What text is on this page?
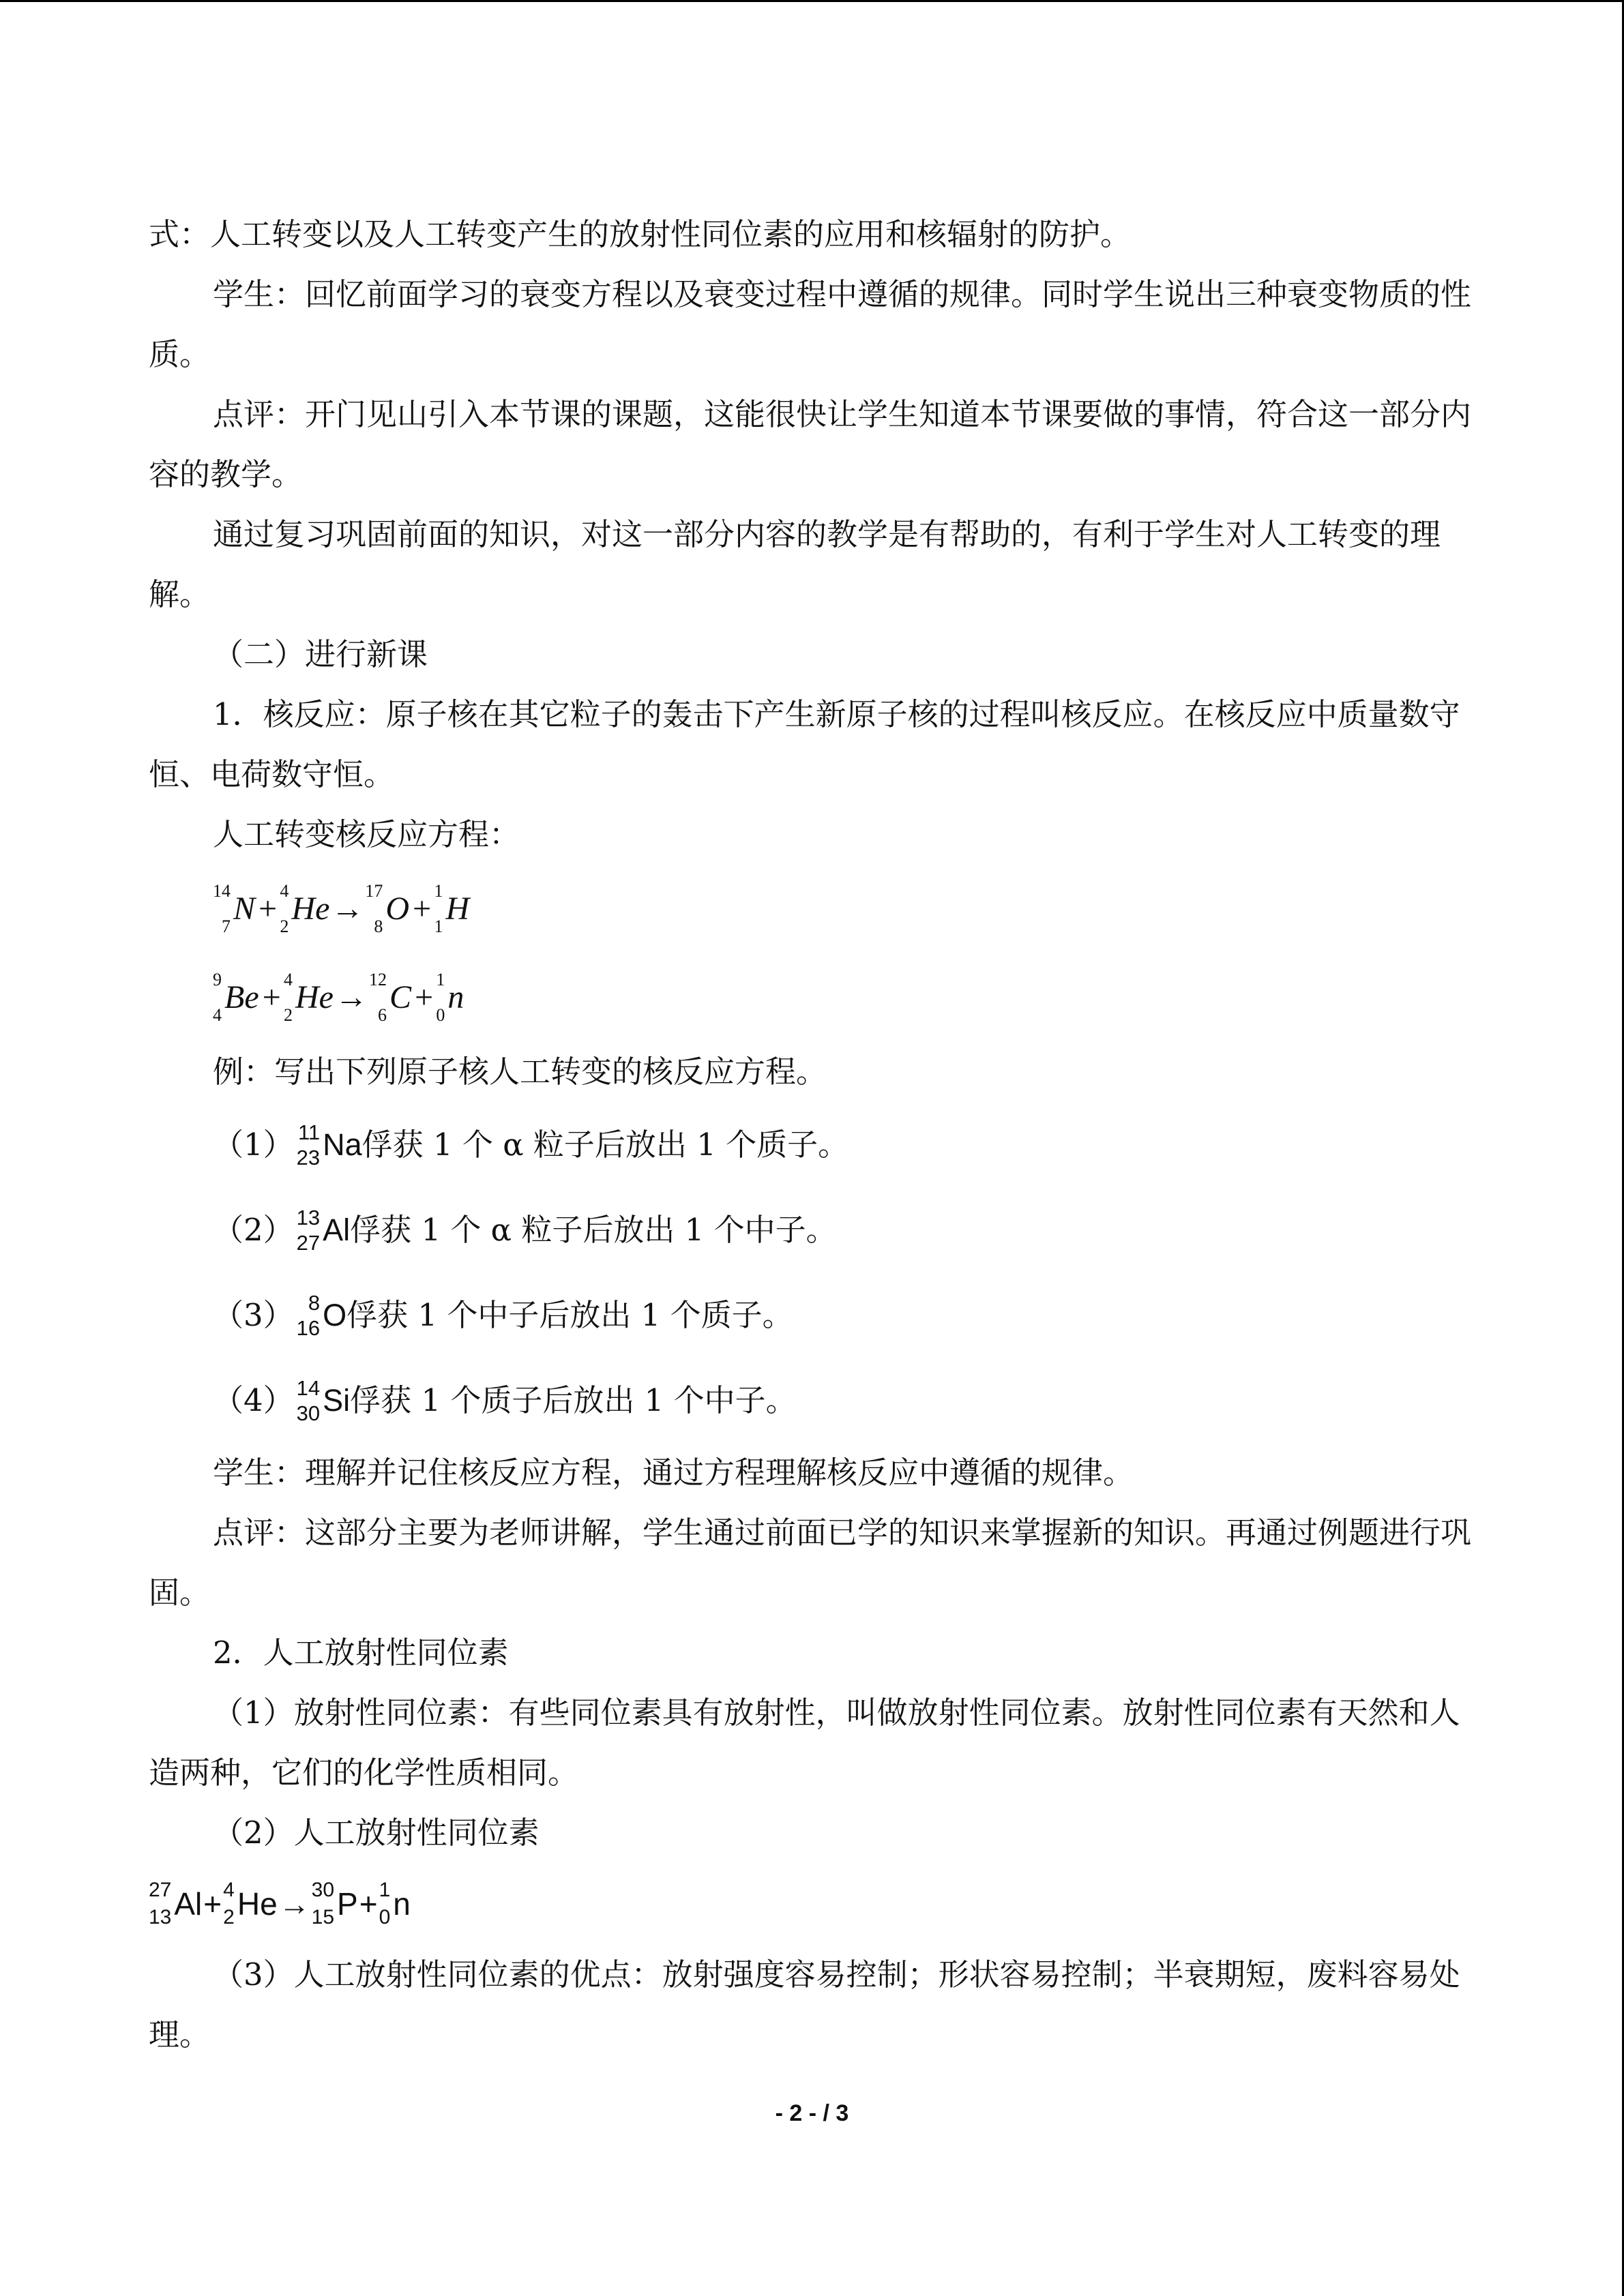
式：人工转变以及人工转变产生的放射性同位素的应用和核辐射的防护。

学生：回忆前面学习的衰变方程以及衰变过程中遵循的规律。同时学生说出三种衰变物质的性质。

点评：开门见山引入本节课的课题，这能很快让学生知道本节课要做的事情，符合这一部分内容的教学。

通过复习巩固前面的知识，对这一部分内容的教学是有帮助的，有利于学生对人工转变的理解。

（二）进行新课

1．核反应：原子核在其它粒子的轰击下产生新原子核的过程叫核反应。在核反应中质量数守恒、电荷数守恒。

人工转变核反应方程：

14
7 N + 4
2 He → 17
8 O + 1
1 H
9
4 Be + 4
2 He → 12
6 C + 1
0 n

例：写出下列原子核人工转变的核反应方程。

（1） 11
23 Na 俘获 1 个 α 粒子后放出 1 个质子。
（2） 13
27 Al 俘获 1 个 α 粒子后放出 1 个中子。
（3） 8
16 O 俘获 1 个中子后放出 1 个质子。
（4） 14
30 Si 俘获 1 个质子后放出 1 个中子。

学生：理解并记住核反应方程，通过方程理解核反应中遵循的规律。

点评：这部分主要为老师讲解，学生通过前面已学的知识来掌握新的知识。再通过例题进行巩固。

2．人工放射性同位素

（1）放射性同位素：有些同位素具有放射性，叫做放射性同位素。放射性同位素有天然和人造两种，它们的化学性质相同。

（2）人工放射性同位素

27
13 Al + 4
2 He → 30
15 P + 1
0 n

（3）人工放射性同位素的优点：放射强度容易控制；形状容易控制；半衰期短，废料容易处理。

- 2 - / 3
